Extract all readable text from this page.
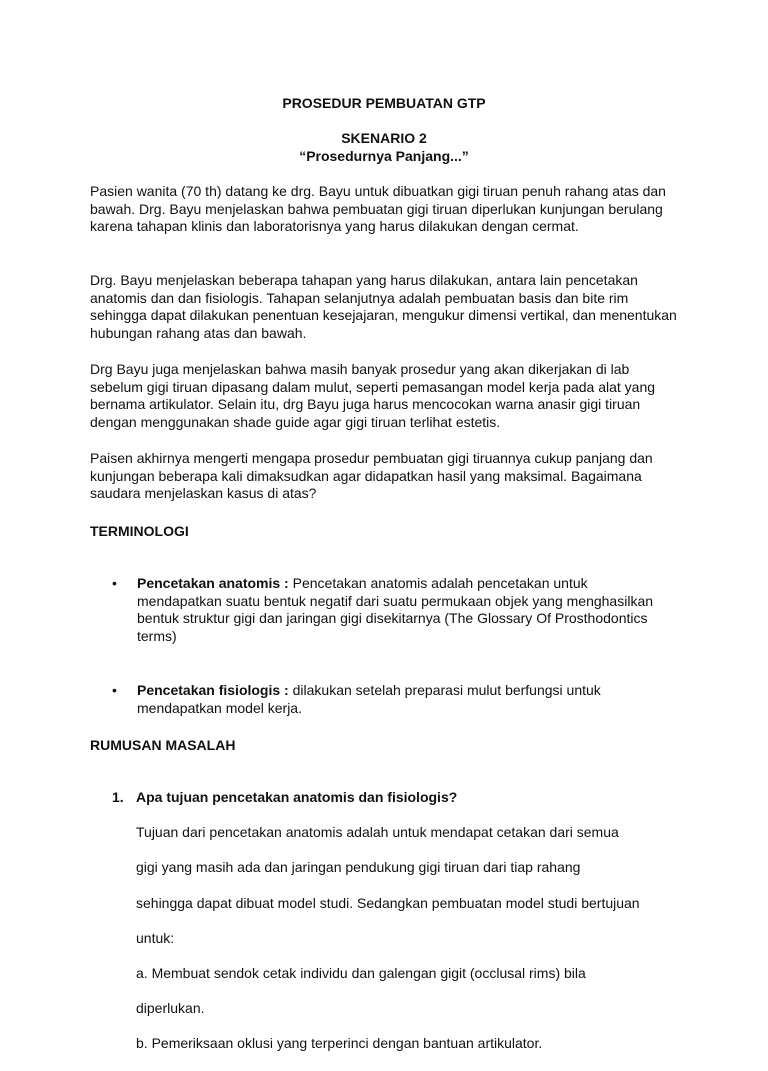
PROSEDUR PEMBUATAN GTP
SKENARIO 2
“Prosedurnya Panjang...”

Pasien wanita (70 th) datang ke drg. Bayu untuk dibuatkan gigi tiruan penuh rahang atas dan bawah. Drg. Bayu menjelaskan bahwa pembuatan gigi tiruan diperlukan kunjungan berulang karena tahapan klinis dan laboratorisnya yang harus dilakukan dengan cermat.

Drg. Bayu menjelaskan beberapa tahapan yang harus dilakukan, antara lain pencetakan anatomis dan dan fisiologis. Tahapan selanjutnya adalah pembuatan basis dan bite rim sehingga dapat dilakukan penentuan kesejajaran, mengukur dimensi vertikal, dan menentukan hubungan rahang atas dan bawah.

Drg Bayu juga menjelaskan bahwa masih banyak prosedur yang akan dikerjakan di lab sebelum gigi tiruan dipasang dalam mulut, seperti pemasangan model kerja pada alat yang bernama artikulator. Selain itu, drg Bayu juga harus mencocokan warna anasir gigi tiruan dengan menggunakan shade guide agar gigi tiruan terlihat estetis.

Paisen akhirnya mengerti mengapa prosedur pembuatan gigi tiruannya cukup panjang dan kunjungan beberapa kali dimaksudkan agar didapatkan hasil yang maksimal. Bagaimana saudara menjelaskan kasus di atas?

TERMINOLOGI
• Pencetakan anatomis : Pencetakan anatomis adalah pencetakan untuk mendapatkan suatu bentuk negatif dari suatu permukaan objek yang menghasilkan bentuk struktur gigi dan jaringan gigi disekitarnya (The Glossary Of Prosthodontics terms)

• Pencetakan fisiologis : dilakukan setelah preparasi mulut berfungsi untuk mendapatkan model kerja.

RUMUSAN MASALAH
1. Apa tujuan pencetakan anatomis dan fisiologis?

Tujuan dari pencetakan anatomis adalah untuk mendapat cetakan dari semua

gigi yang masih ada dan jaringan pendukung gigi tiruan dari tiap rahang

sehingga dapat dibuat model studi. Sedangkan pembuatan model studi bertujuan

untuk:

a. Membuat sendok cetak individu dan galengan gigit (occlusal rims) bila

diperlukan.

b. Pemeriksaan oklusi yang terperinci dengan bantuan artikulator.
